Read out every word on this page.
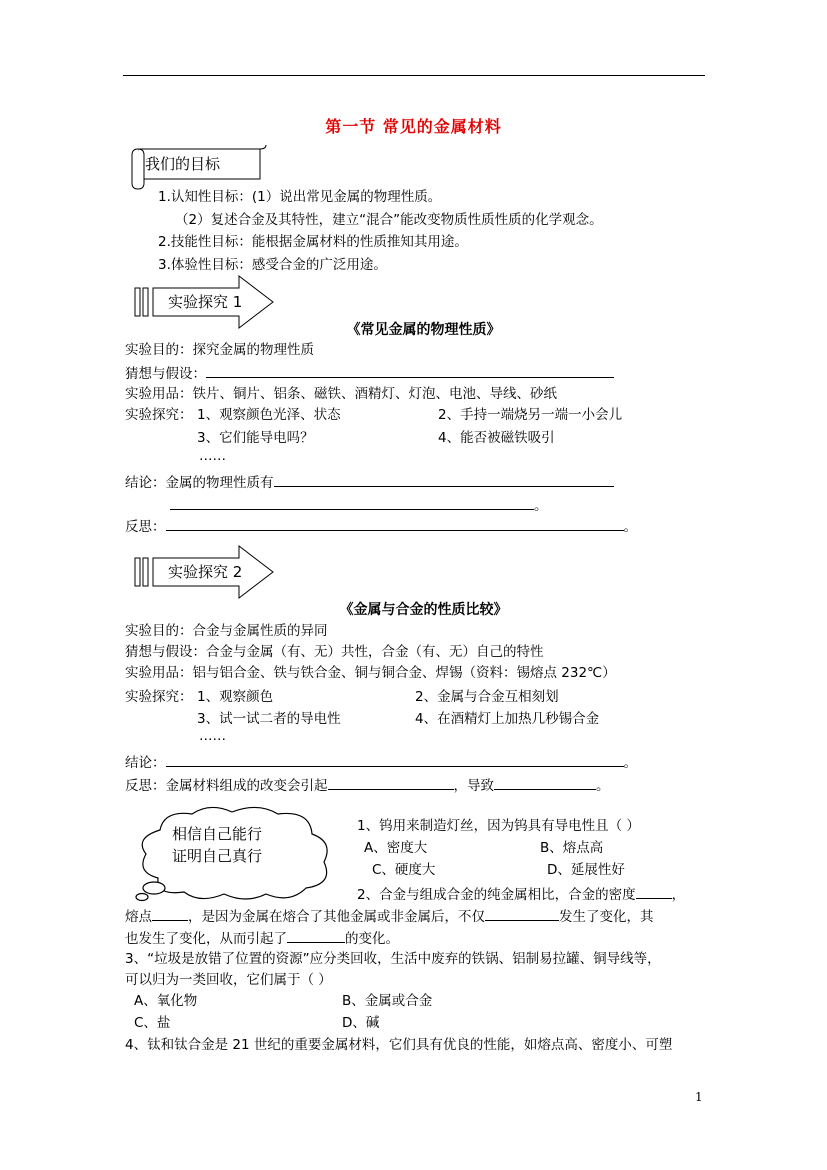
第一节 常见的金属材料
我们的目标
1.认知性目标：(1）说出常见金属的物理性质。
（2）复述合金及其特性，建立“混合”能改变物质性质性质的化学观念。
2.技能性目标：能根据金属材料的性质推知其用途。
3.体验性目标：感受合金的广泛用途。
实验探究 1
《常见金属的物理性质》
实验目的：探究金属的物理性质
猜想与假设：
实验用品：铁片、铜片、铝条、磁铁、酒精灯、灯泡、电池、导线、砂纸
实验探究： 1、观察颜色光泽、状态	2、手持一端烧另一端一小会儿
3、它们能导电吗？	4、能否被磁铁吸引
……
结论：金属的物理性质有
。
反思：	。
实验探究 2
《金属与合金的性质比较》
实验目的：合金与金属性质的异同
猜想与假设：合金与金属（有、无）共性，合金（有、无）自己的特性
实验用品：铝与铝合金、铁与铁合金、铜与铜合金、焊锡（资料：锡熔点 232℃）
实验探究： 1、观察颜色	2、金属与合金互相刻划
3、试一试二者的导电性	4、在酒精灯上加热几秒锡合金
……
结论：	。
反思：金属材料组成的改变会引起	，导致	。
相信自己能行
证明自己真行
1、钨用来制造灯丝，因为钨具有导电性且（ ）
A、密度大	B、熔点高
C、硬度大	D、延展性好
2、合金与组成合金的纯金属相比，合金的密度	，
熔点	，是因为金属在熔合了其他金属或非金属后，不仅	发生了变化，其
也发生了变化，从而引起了	的变化。
3、“垃圾是放错了位置的资源”应分类回收，生活中废弃的铁锅、铝制易拉罐、铜导线等，
可以归为一类回收，它们属于（ ）
A、氧化物	B、金属或合金
C、盐	D、碱
4、钛和钛合金是 21 世纪的重要金属材料，它们具有优良的性能，如熔点高、密度小、可塑
1
